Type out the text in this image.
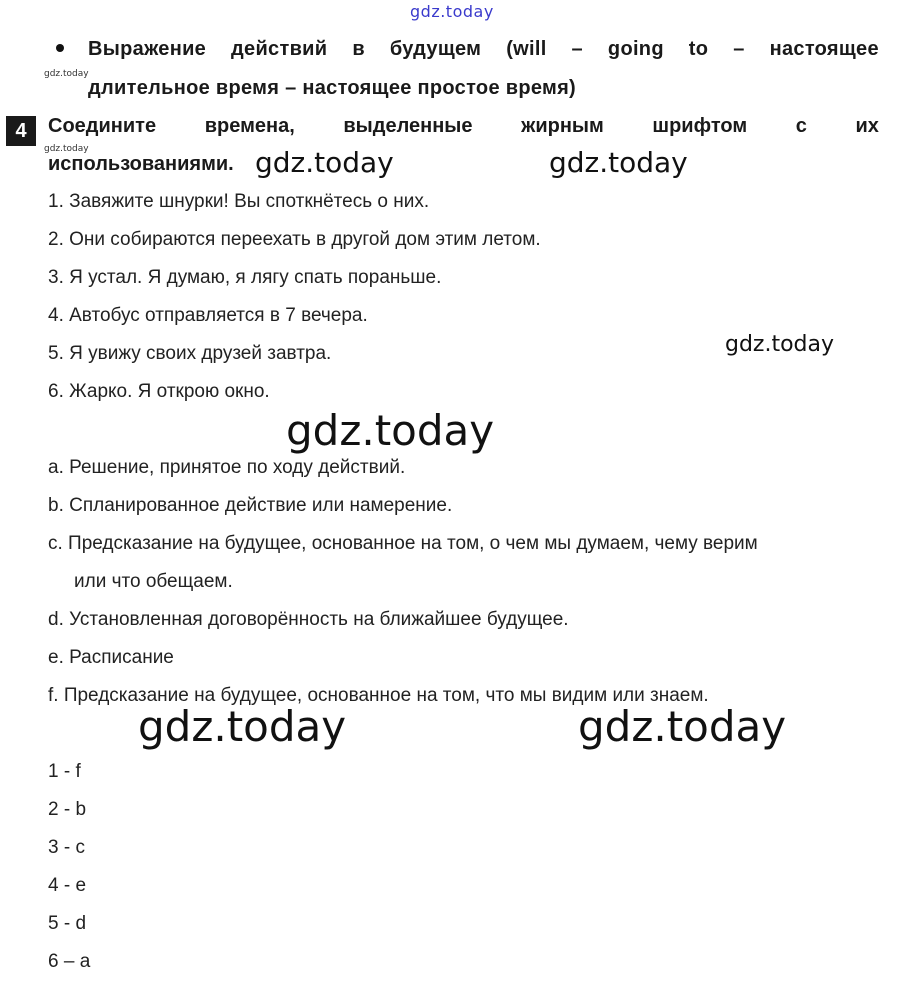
gdz.today
gdz.today
gdz.today
Выражение действий в будущем (will – going to – настоящее
длительное время – настоящее простое время)
4	Соедините времена, выделенные жирным шрифтом с их
использованиями. gdz.today	gdz.today
1. Завяжите шнурки! Вы споткнётесь о них.
2. Они собираются переехать в другой дом этим летом.
3. Я устал. Я думаю, я лягу спать пораньше.
4. Автобус отправляется в 7 вечера.
5. Я увижу своих друзей завтра.
6. Жарко. Я открою окно.
gdz.today
gdz.today
a. Решение, принятое по ходу действий.
b. Спланированное действие или намерение.
c. Предсказание на будущее, основанное на том, о чем мы думаем, чему верим
или что обещаем.
d. Установленная договорённость на ближайшее будущее.
e. Расписание
f. Предсказание на будущее, основанное на том, что мы видим или знаем.
gdz.today	gdz.today
1 - f
2 - b
3 - c
4 - e
5 - d
6 – a
